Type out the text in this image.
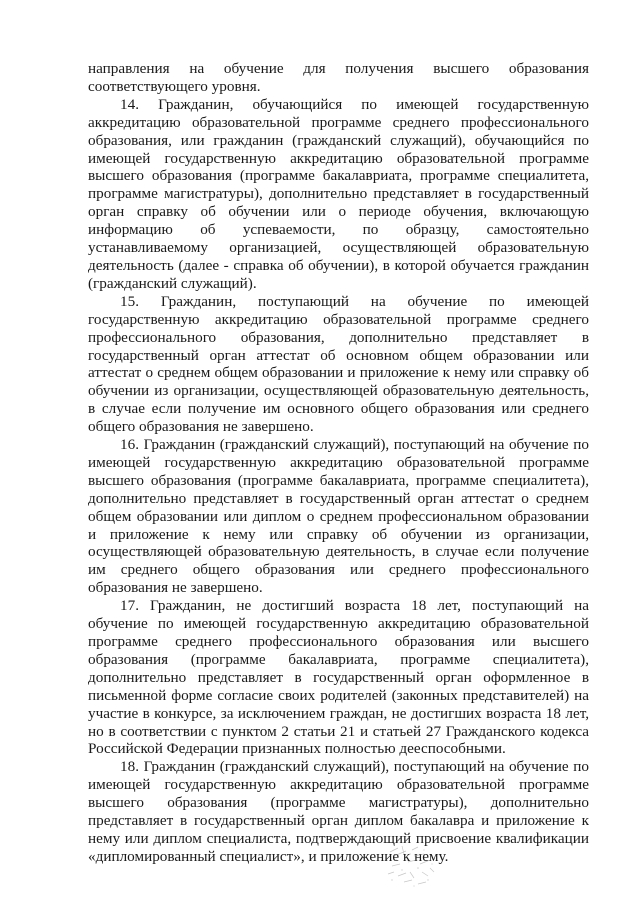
направления на обучение для получения высшего образования соответствующего уровня.

14. Гражданин, обучающийся по имеющей государственную аккредитацию образовательной программе среднего профессионального образования, или гражданин (гражданский служащий), обучающийся по имеющей государственную аккредитацию образовательной программе высшего образования (программе бакалавриата, программе специалитета, программе магистратуры), дополнительно представляет в государственный орган справку об обучении или о периоде обучения, включающую информацию об успеваемости, по образцу, самостоятельно устанавливаемому организацией, осуществляющей образовательную деятельность (далее - справка об обучении), в которой обучается гражданин (гражданский служащий).

15. Гражданин, поступающий на обучение по имеющей государственную аккредитацию образовательной программе среднего профессионального образования, дополнительно представляет в государственный орган аттестат об основном общем образовании или аттестат о среднем общем образовании и приложение к нему или справку об обучении из организации, осуществляющей образовательную деятельность, в случае если получение им основного общего образования или среднего общего образования не завершено.

16. Гражданин (гражданский служащий), поступающий на обучение по имеющей государственную аккредитацию образовательной программе высшего образования (программе бакалавриата, программе специалитета), дополнительно представляет в государственный орган аттестат о среднем общем образовании или диплом о среднем профессиональном образовании и приложение к нему или справку об обучении из организации, осуществляющей образовательную деятельность, в случае если получение им среднего общего образования или среднего профессионального образования не завершено.

17. Гражданин, не достигший возраста 18 лет, поступающий на обучение по имеющей государственную аккредитацию образовательной программе среднего профессионального образования или высшего образования (программе бакалавриата, программе специалитета), дополнительно представляет в государственный орган оформленное в письменной форме согласие своих родителей (законных представителей) на участие в конкурсе, за исключением граждан, не достигших возраста 18 лет, но в соответствии с пунктом 2 статьи 21 и статьей 27 Гражданского кодекса Российской Федерации признанных полностью дееспособными.

18. Гражданин (гражданский служащий), поступающий на обучение по имеющей государственную аккредитацию образовательной программе высшего образования (программе магистратуры), дополнительно представляет в государственный орган диплом бакалавра и приложение к нему или диплом специалиста, подтверждающий присвоение квалификации «дипломированный специалист», и приложение к нему.
